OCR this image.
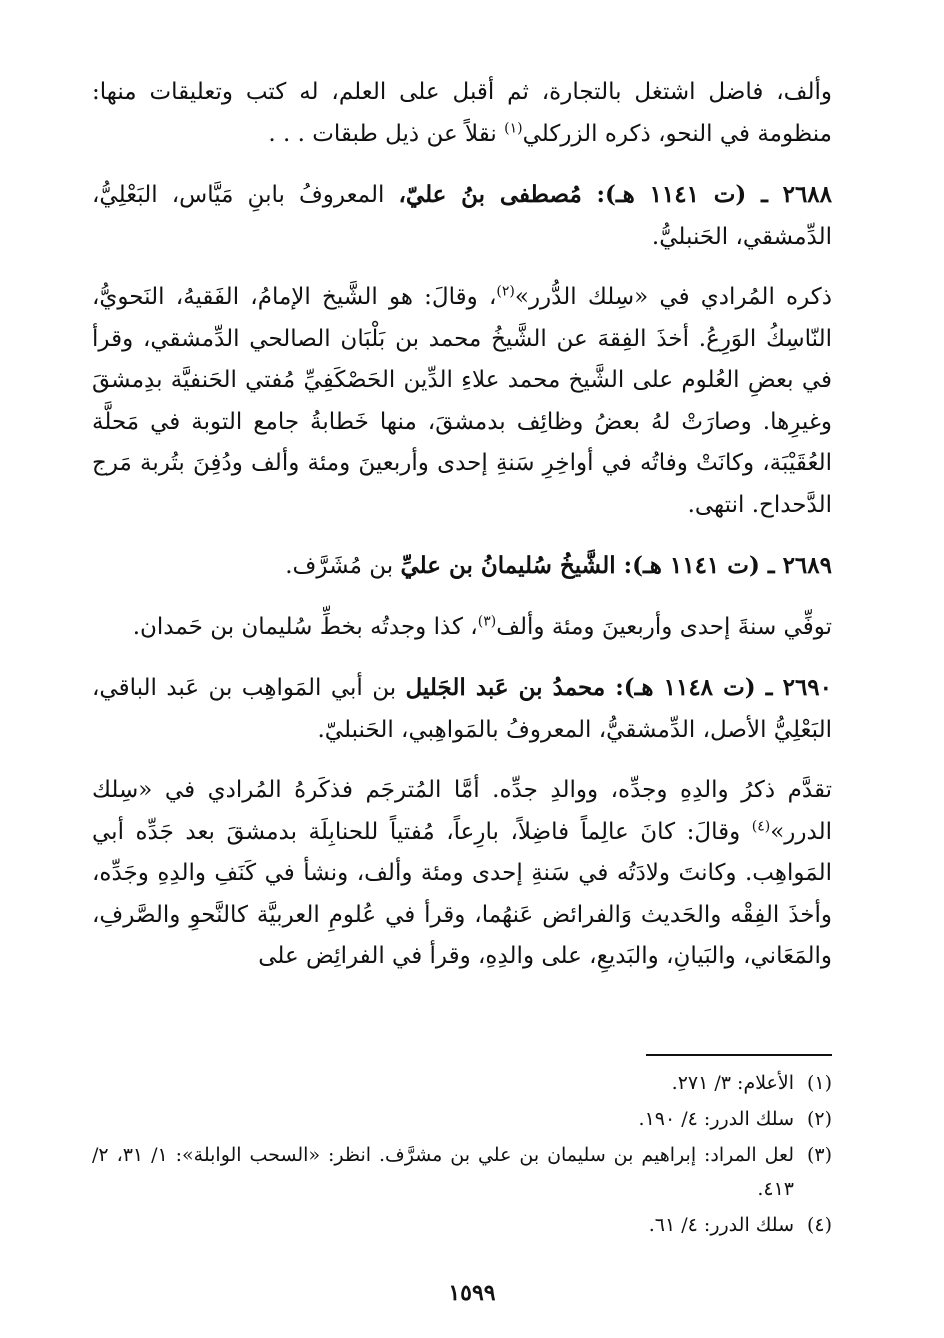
وألف، فاضل اشتغل بالتجارة، ثم أقبل على العلم، له كتب وتعليقات منها: منظومة في النحو، ذكره الزركلي$^{(١)}$ نقلاً عن ذيل طبقات . . .

٢٦٨٨ ـ (ت ١١٤١ هـ): مُصطفى بنُ عليّ، المعروفُ بابنِ مَيَّاس، البَعْلِيُّ، الدِّمشقي، الحَنبليُّ.

ذكره المُرادي في «سِلك الدُّرر»$^{(٢)}$، وقالَ: هو الشَّيخ الإمامُ، الفَقيهُ، النَحويُّ، النّاسِكُ الوَرِعُ. أخذَ الفِقهَ عن الشَّيخُ محمد بن بَلْبَان الصالحي الدِّمشقي، وقرأ في بعضِ العُلوم على الشَّيخ محمد علاءِ الدِّين الحَصْكَفِيِّ مُفتي الحَنفيَّة بدِمشقَ وغيرِها. وصارَتْ لهُ بعضُ وظائِف بدمشقَ، منها خَطابةُ جامع التوبة في مَحلَّة العُقَيْبَة، وكانَتْ وفاتُه في أواخِرِ سَنةِ إحدى وأربعينَ ومئة وألف ودُفِنَ بتُربة مَرج الدَّحداح. انتهى.

٢٦٨٩ ـ (ت ١١٤١ هـ): الشَّيخُ سُليمانُ بن عليِّ بن مُشَرَّف.

توفِّي سنةَ إحدى وأربعينَ ومئة وألف$^{(٣)}$، كذا وجدتُه بخطِّ سُليمان بن حَمدان.

٢٦٩٠ ـ (ت ١١٤٨ هـ): محمدُ بن عَبد الجَليل بن أبي المَواهِب بن عَبد الباقي، البَعْلِيُّ الأصل، الدِّمشقيُّ، المعروفُ بالمَواهِبي، الحَنبليّ.

تقدَّم ذكرُ والدِهِ وجدِّه، ووالدِ جدِّه. أمَّا المُترجَم فذكَرهُ المُرادي في «سِلك الدرر»$^{(٤)}$ وقالَ: كانَ عالِماً فاضِلاً، بارِعاً، مُفتياً للحنابِلَة بدمشقَ بعد جَدِّه أبي المَواهِب. وكانتَ ولادَتُه في سَنةِ إحدى ومئة وألف، ونشأ في كَنَفِ والدِهِ وجَدِّه، وأخذَ الفِقْه والحَديث وَالفرائض عَنهُما، وقرأ في عُلومِ العربيَّة كالنَّحوِ والصَّرفِ، والمَعَاني، والبَيانِ، والبَديعِ، على والدِهِ، وقرأ في الفرائِض على

(١)
الأعلام: ٣/ ٢٧١.
(٢)
سلك الدرر: ٤/ ١٩٠.
(٣)
لعل المراد: إبراهيم بن سليمان بن علي بن مشرَّف. انظر: «السحب الوابلة»: ١/ ٣١، ٢/ ٤١٣.
(٤)
سلك الدرر: ٤/ ٦١.
١٥٩٩
